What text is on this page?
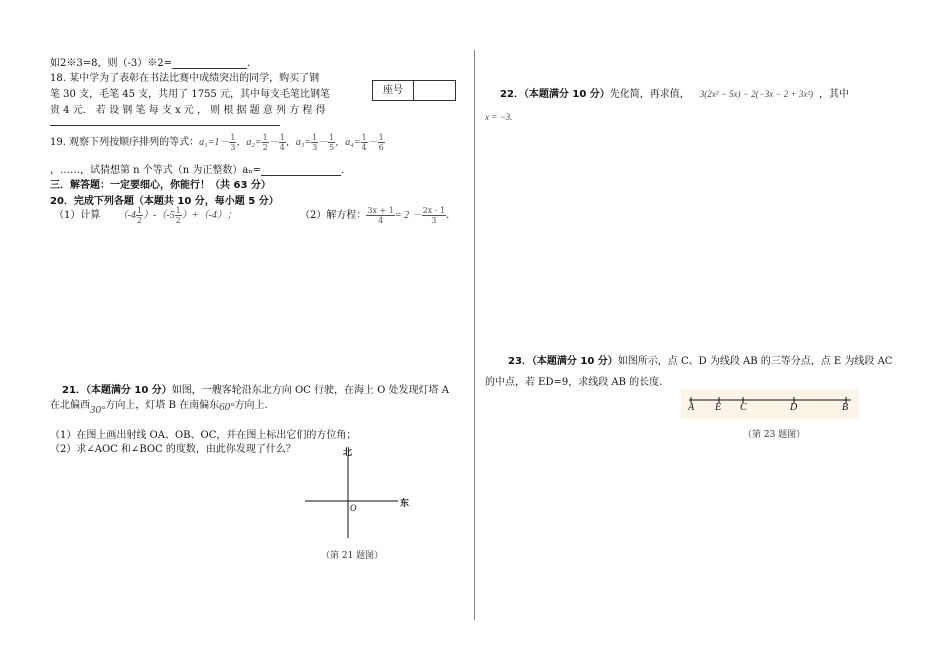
如2※3=8，则（-3）※2=	.
18. 某中学为了表彰在书法比赛中成绩突出的同学，购买了钢
笔 30 支，毛笔 45 支，共用了 1755 元，其中每支毛笔比钢笔
贵 4 元． 若 设 钢 笔 每 支 x 元 ， 则 根 据 题 意 列 方 程 得
座号
19. 观察下列按顺序排列的等式：$a_1=1- \frac{1}{3}$ ，$a_2= \frac{1}{2} - \frac{1}{4}$ ，$a_3= \frac{1}{3} - \frac{1}{5}$ ，$a_4= \frac{1}{4} - \frac{1}{6}$
，……，试猜想第 n 个等式（n 为正整数）aₙ=	.
三．解答题：一定要细心，你能行！（共 63 分）
20．完成下列各题（本题共 10 分，每小题 5 分）
（1）计算 $(-4 \frac{1}{2} )-(-5 \frac{1}{2} )+(-4)$；	（2）解方程： $\frac{3x + 1}{4} = 2 - \frac{2x - 1}{3}$ .
21．（本题满分 10 分）如图，一艘客轮沿东北方向 OC 行驶，在海上 O 处发现灯塔 A
在北偏西30°方向上，灯塔 B 在南偏东60°方向上.
（1）在图上画出射线 OA、OB、OC，并在图上标出它们的方位角；
（2）求∠AOC 和∠BOC 的度数，由此你发现了什么？	北
东
O
（第 21 题图）
22．（本题满分 10 分）先化简，再求值， 3(2x² − 5x) − 2(−3x − 2 + 3x²) ，其中
x = −3.
23．（本题满分 10 分）如图所示，点 C、D 为线段 AB 的三等分点，点 E 为线段 AC
的中点，若 ED=9，求线段 AB 的长度.
A E C	D	B
（第 23 题图）
